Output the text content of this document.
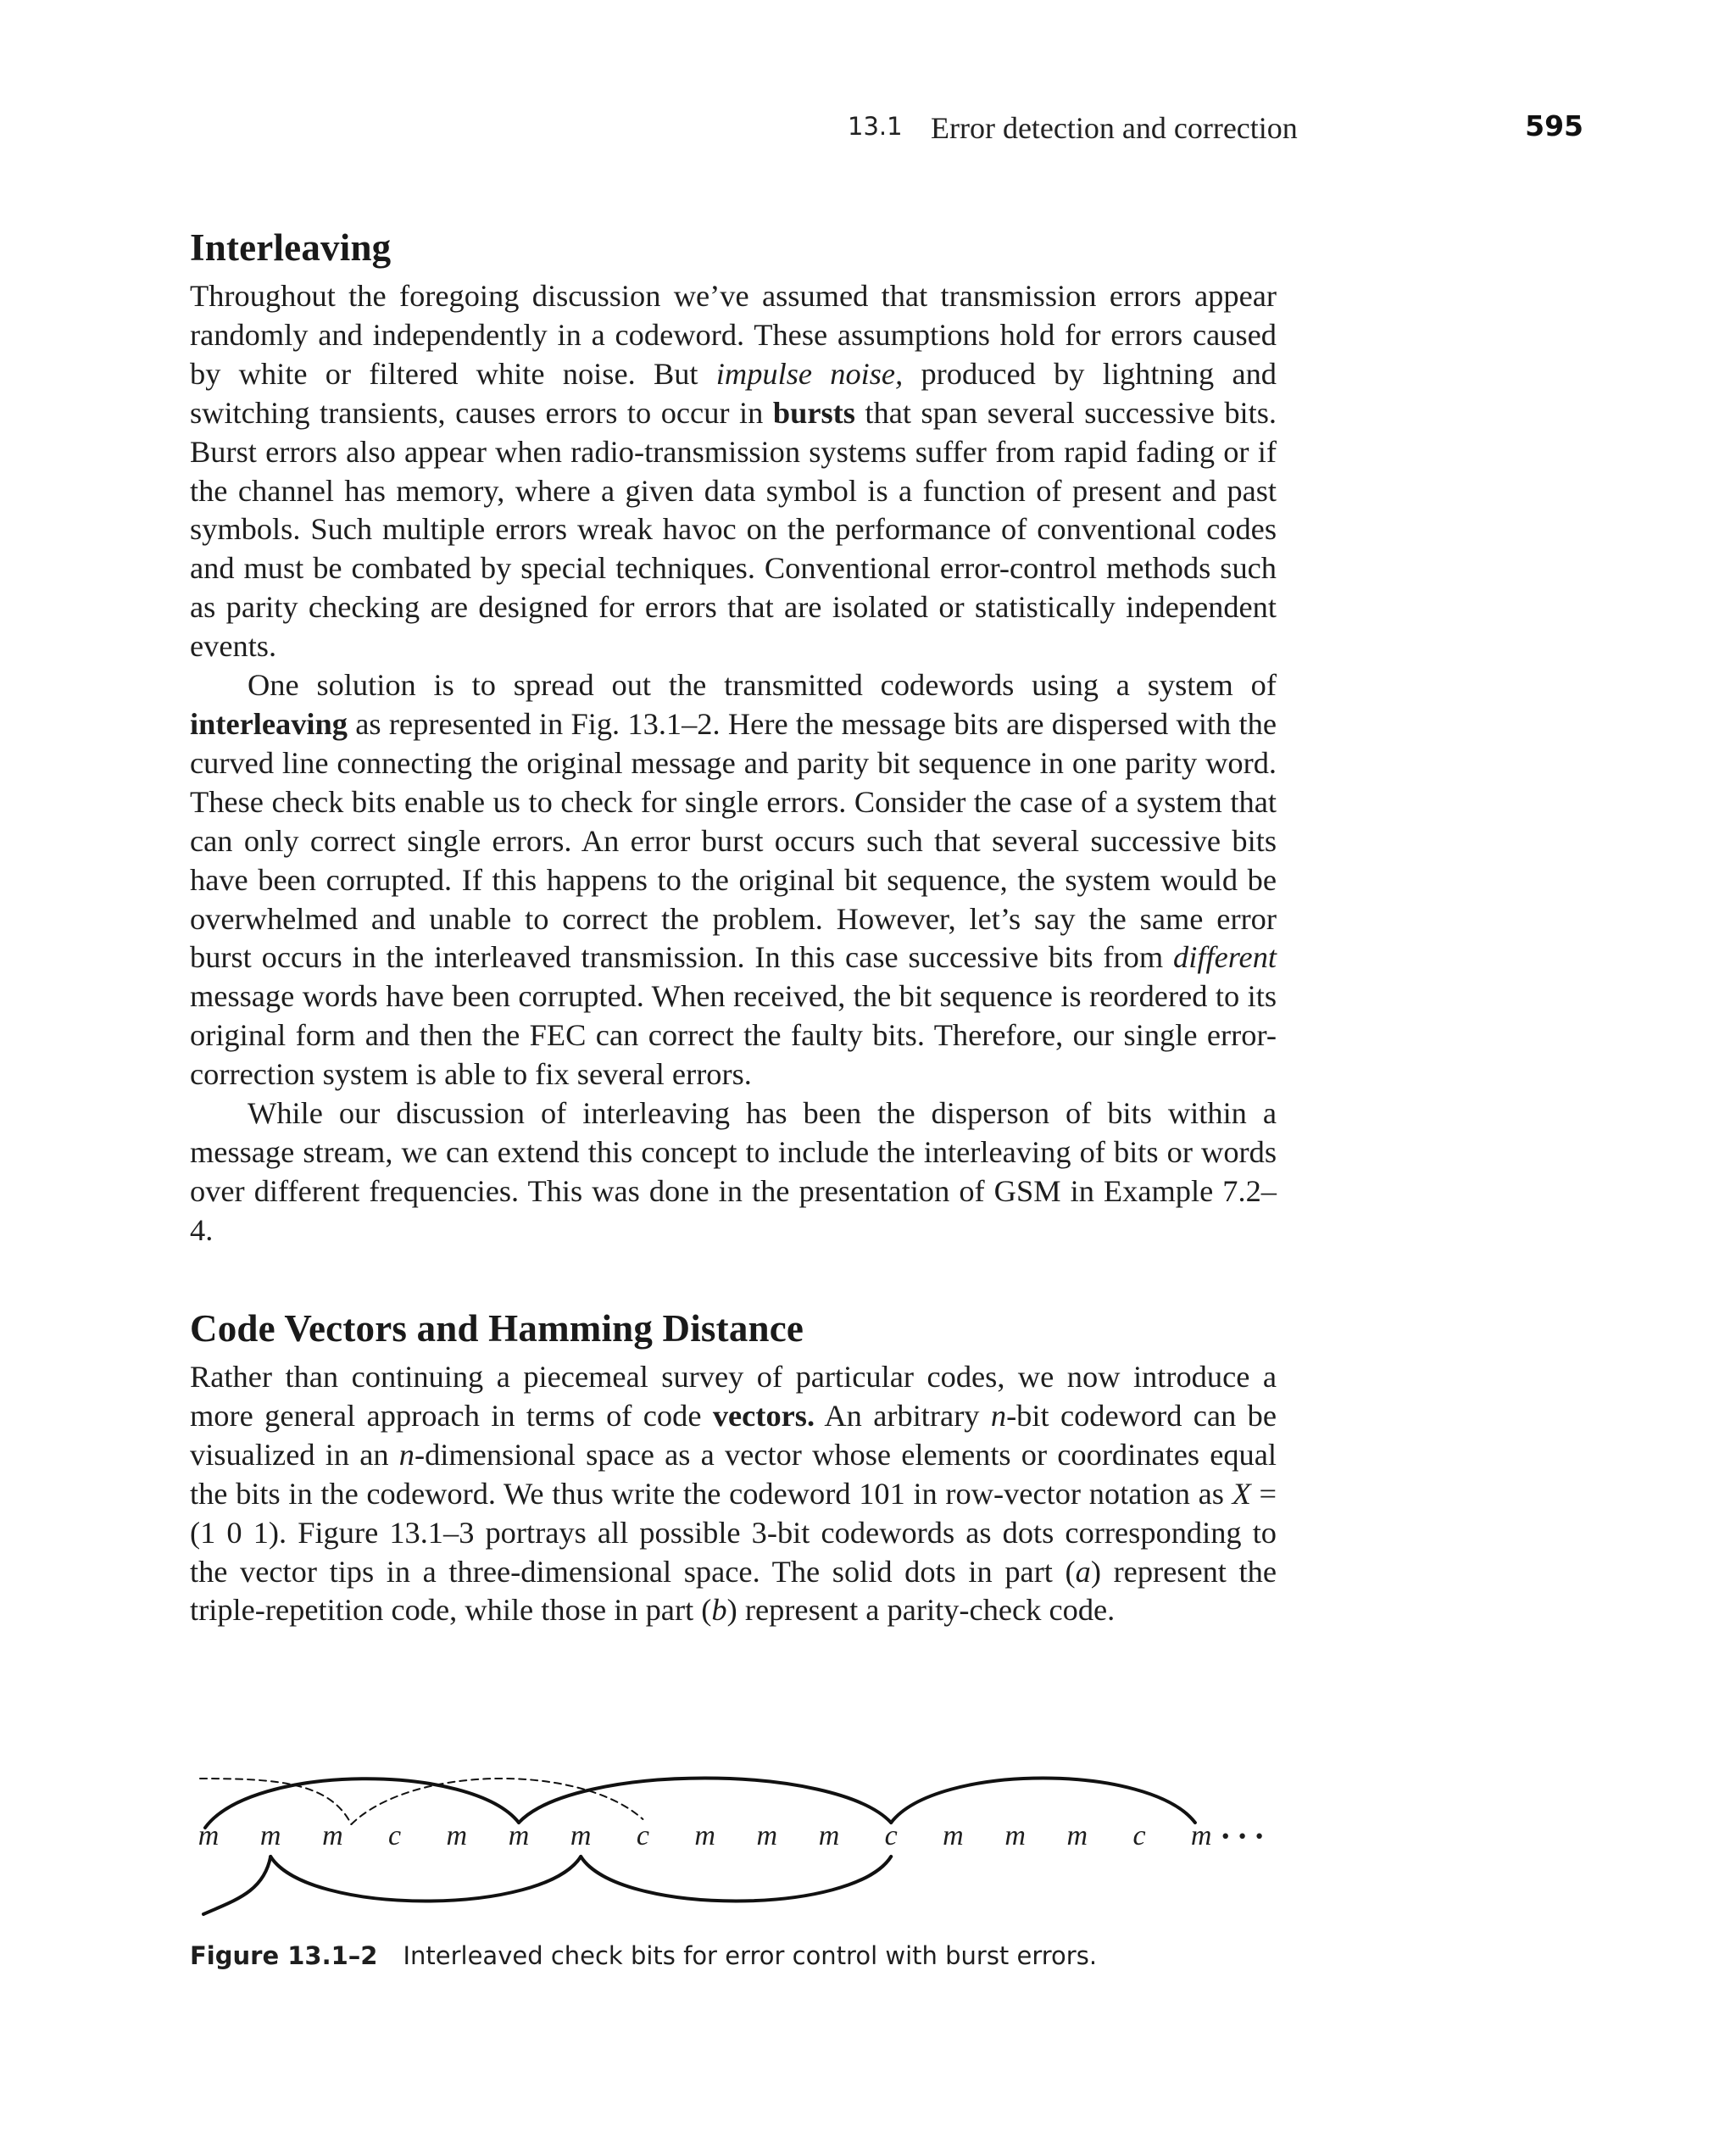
13.1 Error detection and correction	595
Interleaving

Throughout the foregoing discussion we’ve assumed that transmission errors appear randomly and independently in a codeword. These assumptions hold for errors caused by white or filtered white noise. But impulse noise, produced by lightning and switching transients, causes errors to occur in bursts that span several successive bits. Burst errors also appear when radio-transmission systems suffer from rapid fading or if the channel has memory, where a given data symbol is a function of present and past symbols. Such multiple errors wreak havoc on the performance of conventional codes and must be combated by special techniques. Conventional error-control methods such as parity checking are designed for errors that are isolated or statistically independent events.

One solution is to spread out the transmitted codewords using a system of interleaving as represented in Fig. 13.1–2. Here the message bits are dispersed with the curved line connecting the original message and parity bit sequence in one parity word. These check bits enable us to check for single errors. Consider the case of a system that can only correct single errors. An error burst occurs such that several successive bits have been corrupted. If this happens to the original bit sequence, the system would be overwhelmed and unable to correct the problem. However, let’s say the same error burst occurs in the interleaved transmission. In this case successive bits from different message words have been corrupted. When received, the bit sequence is reordered to its original form and then the FEC can correct the faulty bits. Therefore, our single error-correction system is able to fix several errors.

While our discussion of interleaving has been the disperson of bits within a message stream, we can extend this concept to include the interleaving of bits or words over different frequencies. This was done in the presentation of GSM in Example 7.2–4.

Code Vectors and Hamming Distance

Rather than continuing a piecemeal survey of particular codes, we now introduce a more general approach in terms of code vectors. An arbitrary n-bit codeword can be visualized in an n-dimensional space as a vector whose elements or coordinates equal the bits in the codeword. We thus write the codeword 101 in row-vector notation as X = (1 0 1). Figure 13.1–3 portrays all possible 3-bit codewords as dots corresponding to the vector tips in a three-dimensional space. The solid dots in part (a) represent the triple-repetition code, while those in part (b) represent a parity-check code.

m m m c m m m c m m m c m m m c m • • •
Figure 13.1–2 Interleaved check bits for error control with burst errors.
